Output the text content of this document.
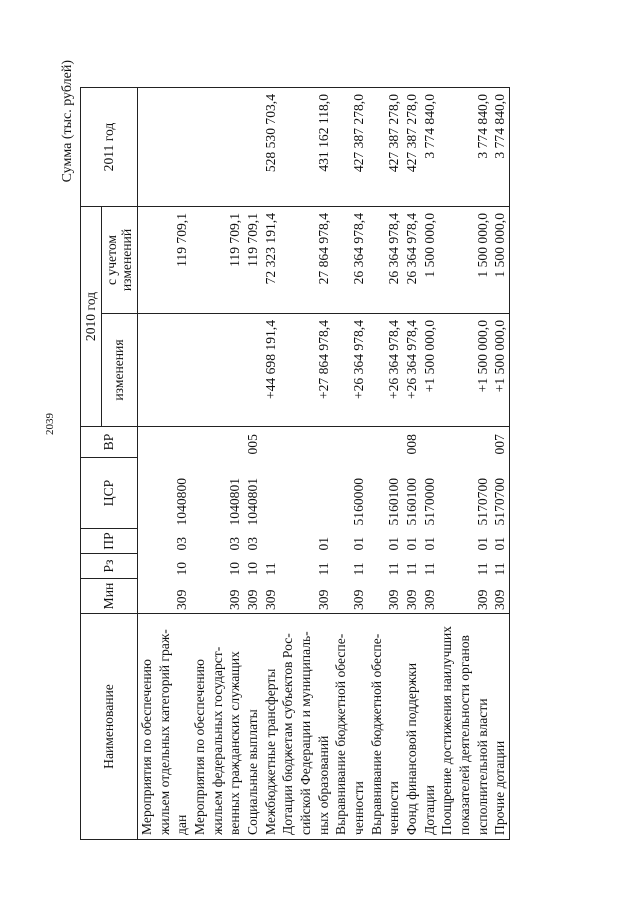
2039
Сумма (тыс. рублей)
Наименование	Мин	Рз	ПР	ЦСР	ВР	2010 год		2011 год
						изменения	с учетом изменений	
Мероприятия по обеспечению жильем отдельных категорий граж-дан	309	10	03	1040800			119 709,1	
Мероприятия по обеспечению жильем федеральных государст-венных гражданских служащих	309	10	03	1040801			119 709,1	
Социальные выплаты	309	10	03	1040801	005		119 709,1	
Межбюджетные трансферты	309	11				+44 698 191,4	72 323 191,4	528 530 703,4
Дотации бюджетам субъектов Рос-сийской Федерации и муниципаль-ных образований	309	11	01			+27 864 978,4	27 864 978,4	431 162 118,0
Выравнивание бюджетной обеспе-ченности	309	11	01	5160000		+26 364 978,4	26 364 978,4	427 387 278,0
Выравнивание бюджетной обеспе-ченности	309	11	01	5160100		+26 364 978,4	26 364 978,4	427 387 278,0
Фонд финансовой поддержки	309	11	01	5160100	008	+26 364 978,4	26 364 978,4	427 387 278,0
Дотации	309	11	01	5170000		+1 500 000,0	1 500 000,0	3 774 840,0
Поощрение достижения наилучших показателей деятельности органов исполнительной власти	309	11	01	5170700		+1 500 000,0	1 500 000,0	3 774 840,0
Прочие дотации	309	11	01	5170700	007	+1 500 000,0	1 500 000,0	3 774 840,0
